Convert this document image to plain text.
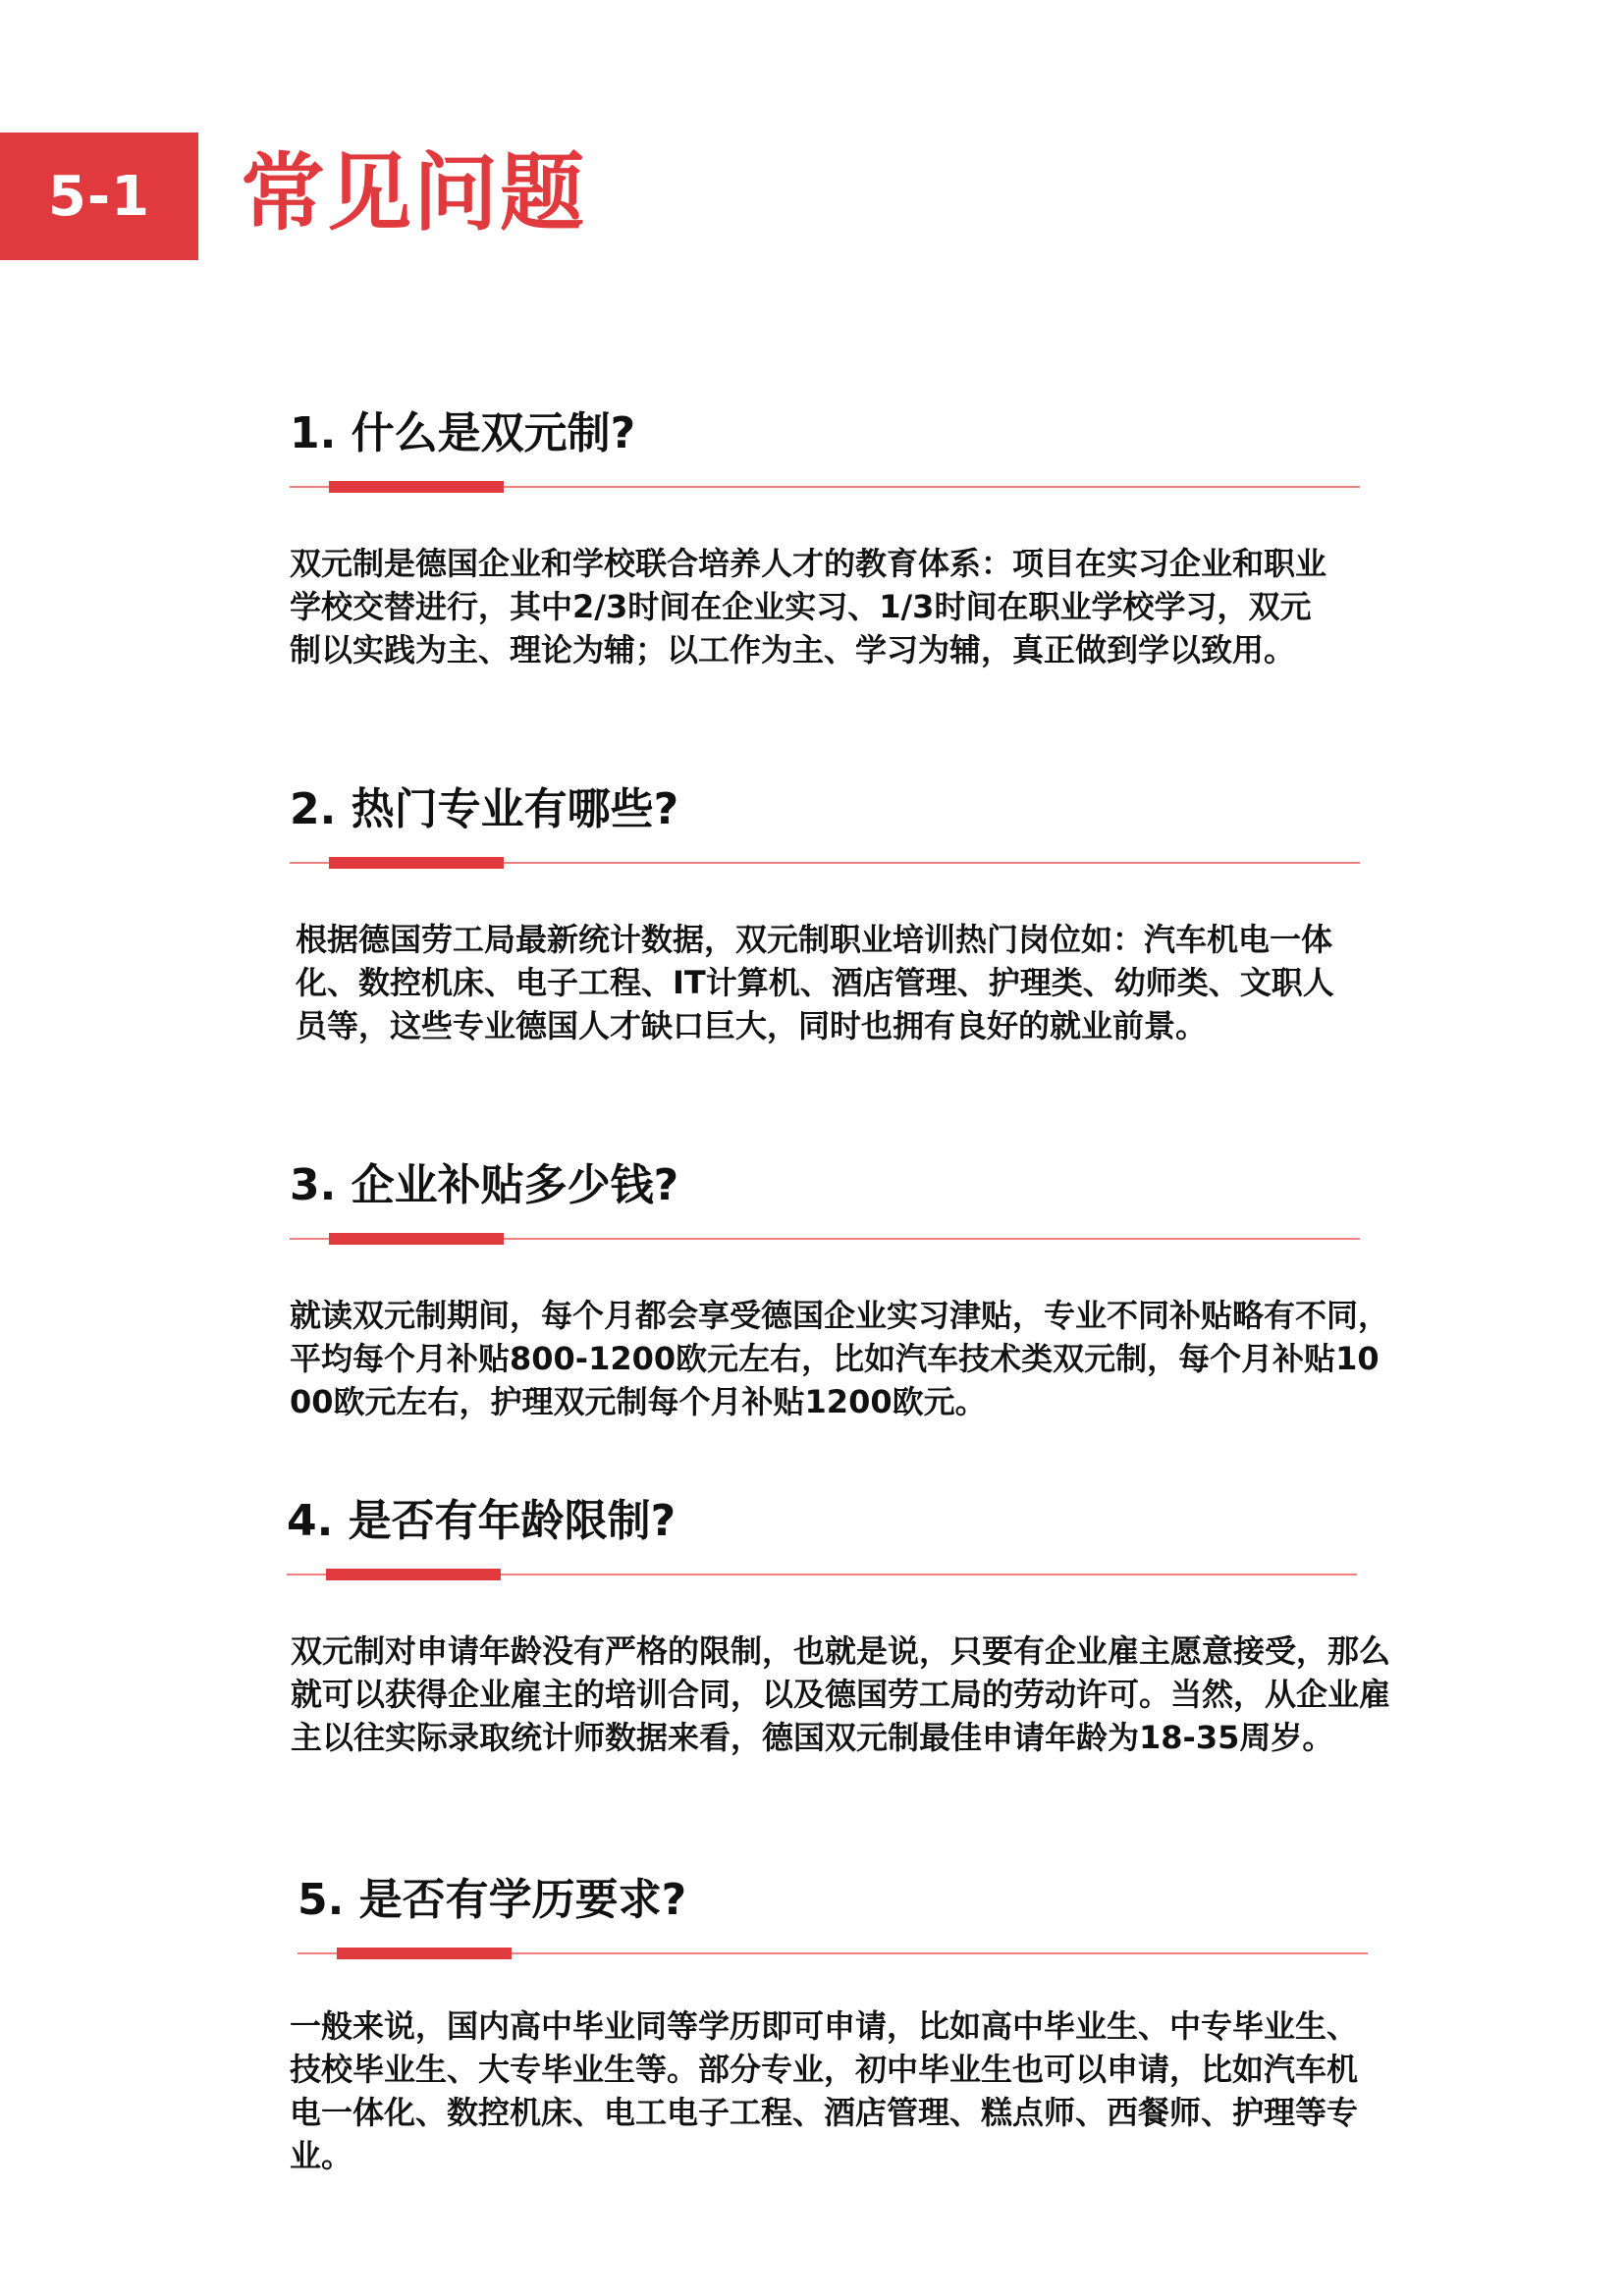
5-1 常见问题
1. 什么是双元制?

双元制是德国企业和学校联合培养人才的教育体系：项目在实习企业和职业学校交替进行，其中2/3时间在企业实习、1/3时间在职业学校学习，双元制以实践为主、理论为辅；以工作为主、学习为辅，真正做到学以致用。

2. 热门专业有哪些?

根据德国劳工局最新统计数据，双元制职业培训热门岗位如：汽车机电一体化、数控机床、电子工程、IT计算机、酒店管理、护理类、幼师类、文职人员等，这些专业德国人才缺口巨大，同时也拥有良好的就业前景。

3. 企业补贴多少钱?

就读双元制期间，每个月都会享受德国企业实习津贴，专业不同补贴略有不同，平均每个月补贴800-1200欧元左右，比如汽车技术类双元制，每个月补贴1000欧元左右，护理双元制每个月补贴1200欧元。

4. 是否有年龄限制?

双元制对申请年龄没有严格的限制，也就是说，只要有企业雇主愿意接受，那么就可以获得企业雇主的培训合同，以及德国劳工局的劳动许可。当然，从企业雇主以往实际录取统计师数据来看，德国双元制最佳申请年龄为18-35周岁。

5. 是否有学历要求?

一般来说，国内高中毕业同等学历即可申请，比如高中毕业生、中专毕业生、技校毕业生、大专毕业生等。部分专业，初中毕业生也可以申请，比如汽车机电一体化、数控机床、电工电子工程、酒店管理、糕点师、西餐师、护理等专业。
